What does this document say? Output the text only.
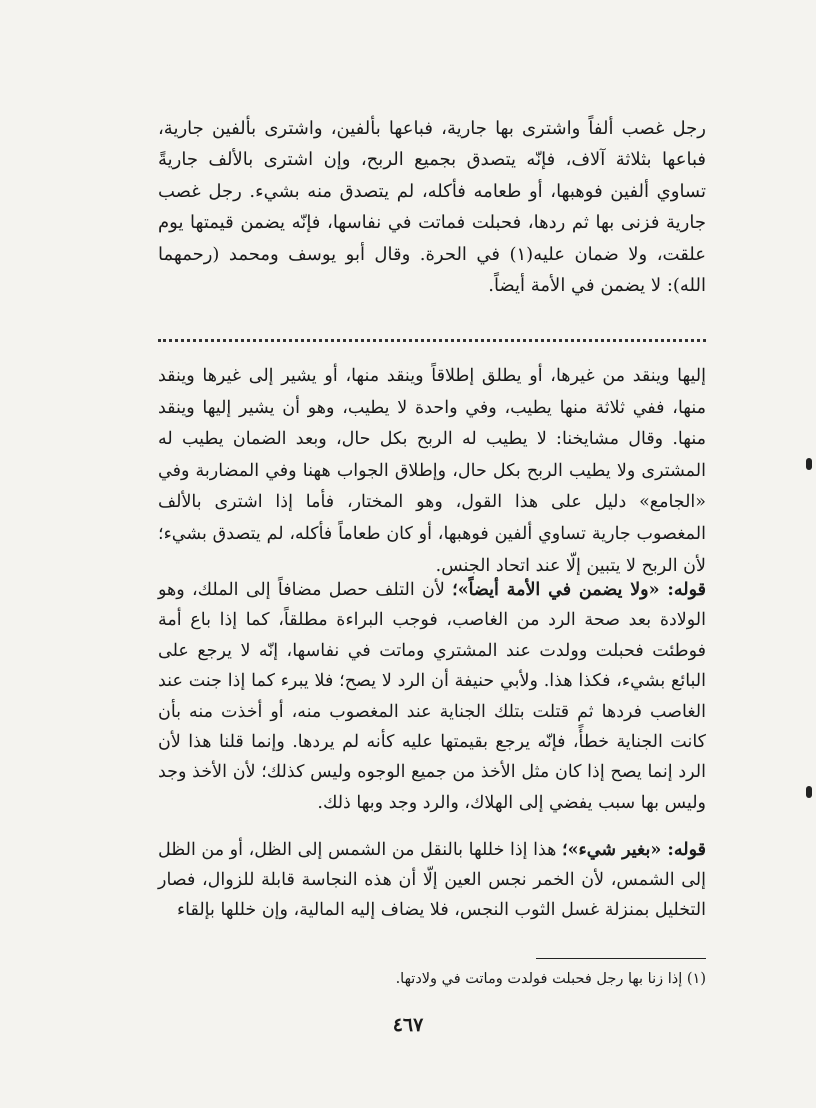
رجل غصب ألفاً واشترى بها جارية، فباعها بألفين، واشترى بألفين جارية، فباعها بثلاثة آلاف، فإنّه يتصدق بجميع الربح، وإن اشترى بالألف جاريةً تساوي ألفين فوهبها، أو طعامه فأكله، لم يتصدق منه بشيء. رجل غصب جارية فزنى بها ثم ردها، فحبلت فماتت في نفاسها، فإنّه يضمن قيمتها يوم علقت، ولا ضمان عليه(١) في الحرة. وقال أبو يوسف ومحمد (رحمهما الله): لا يضمن في الأمة أيضاً.

إليها وينقد من غيرها، أو يطلق إطلاقاً وينقد منها، أو يشير إلى غيرها وينقد منها، ففي ثلاثة منها يطيب، وفي واحدة لا يطيب، وهو أن يشير إليها وينقد منها. وقال مشايخنا: لا يطيب له الربح بكل حال، وبعد الضمان يطيب له المشترى ولا يطيب الربح بكل حال، وإطلاق الجواب ههنا وفي المضاربة وفي «الجامع» دليل على هذا القول، وهو المختار، فأما إذا اشترى بالألف المغصوب جارية تساوي ألفين فوهبها، أو كان طعاماً فأكله، لم يتصدق بشيء؛ لأن الربح لا يتبين إلّا عند اتحاد الجنس.

قوله: «ولا يضمن في الأمة أيضاً»؛ لأن التلف حصل مضافاً إلى الملك، وهو الولادة بعد صحة الرد من الغاصب، فوجب البراءة مطلقاً، كما إذا باع أمة فوطئت فحبلت وولدت عند المشتري وماتت في نفاسها، إنّه لا يرجع على البائع بشيء، فكذا هذا. ولأبي حنيفة أن الرد لا يصح؛ فلا يبرء كما إذا جنت عند الغاصب فردها ثم قتلت بتلك الجناية عند المغصوب منه، أو أخذت منه بأن كانت الجناية خطأً، فإنّه يرجع بقيمتها عليه كأنه لم يردها. وإنما قلنا هذا لأن الرد إنما يصح إذا كان مثل الأخذ من جميع الوجوه وليس كذلك؛ لأن الأخذ وجد وليس بها سبب يفضي إلى الهلاك، والرد وجد وبها ذلك.

قوله: «بغير شيء»؛ هذا إذا خللها بالنقل من الشمس إلى الظل، أو من الظل إلى الشمس، لأن الخمر نجس العين إلّا أن هذه النجاسة قابلة للزوال، فصار التخليل بمنزلة غسل الثوب النجس، فلا يضاف إليه المالية، وإن خللها بإلقاء

(١) إذا زنا بها رجل فحبلت فولدت وماتت في ولادتها.
٤٦٧
